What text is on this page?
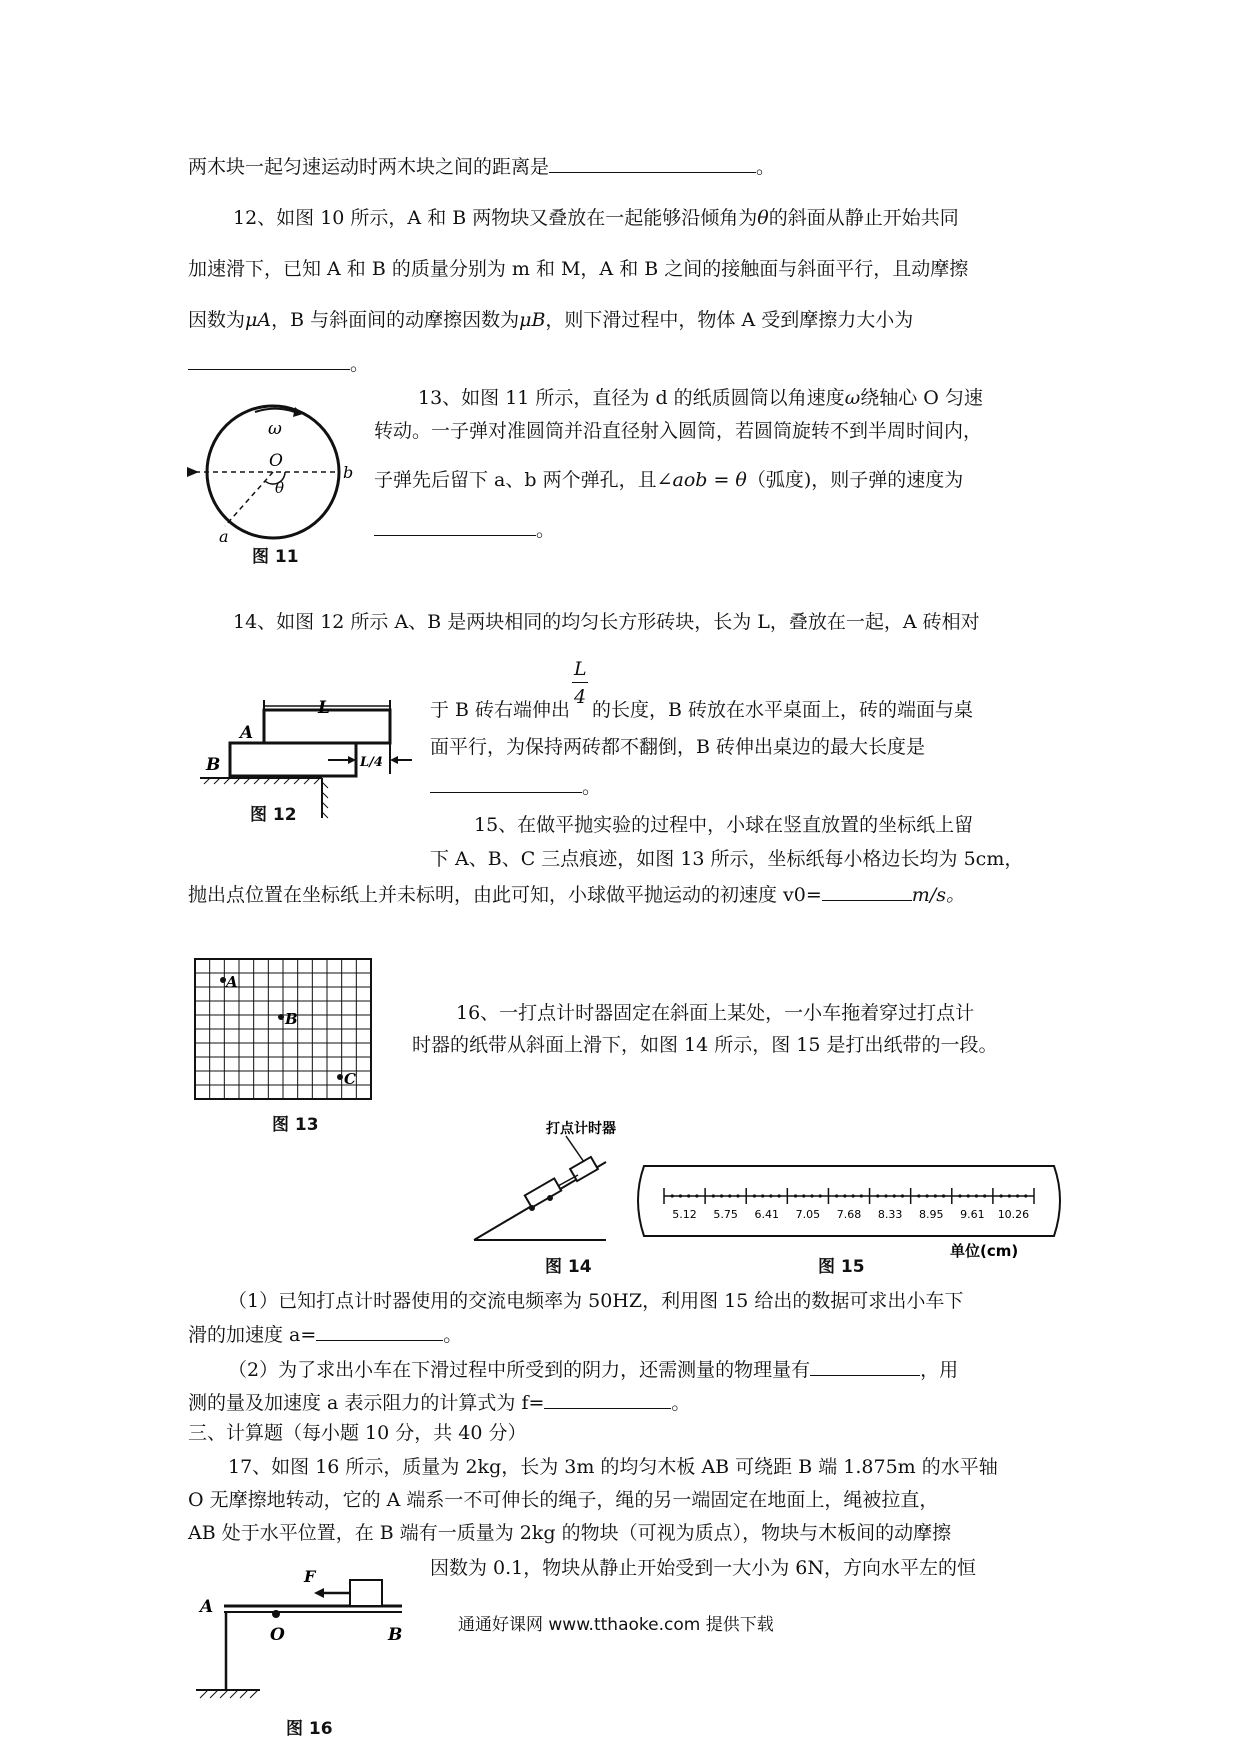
两木块一起匀速运动时两木块之间的距离是	。
12、如图 10 所示，A 和 B 两物块又叠放在一起能够沿倾角为θ的斜面从静止开始共同
加速滑下，已知 A 和 B 的质量分别为 m 和 M，A 和 B 之间的接触面与斜面平行，且动摩擦
因数为μA，B 与斜面间的动摩擦因数为μB，则下滑过程中，物体 A 受到摩擦力大小为
。
13、如图 11 所示，直径为 d 的纸质圆筒以角速度ω绕轴心 O 匀速
转动。一子弹对准圆筒并沿直径射入圆筒，若圆筒旋转不到半周时间内，
子弹先后留下 a、b 两个弹孔，且∠aob = θ（弧度)，则子弹的速度为
。
14、如图 12 所示 A、B 是两块相同的均匀长方形砖块，长为 L，叠放在一起，A 砖相对
于 B 砖右端伸出 $\frac{L}{4}$ 的长度，B 砖放在水平桌面上，砖的端面与桌
面平行，为保持两砖都不翻倒，B 砖伸出桌边的最大长度是
。
15、在做平抛实验的过程中，小球在竖直放置的坐标纸上留
下 A、B、C 三点痕迹，如图 13 所示，坐标纸每小格边长均为 5cm，
抛出点位置在坐标纸上并未标明，由此可知，小球做平抛运动的初速度 v0=	m/s。
16、一打点计时器固定在斜面上某处，一小车拖着穿过打点计
时器的纸带从斜面上滑下，如图 14 所示，图 15 是打出纸带的一段。
（1）已知打点计时器使用的交流电频率为 50HZ，利用图 15 给出的数据可求出小车下
滑的加速度 a=	。
（2）为了求出小车在下滑过程中所受到的阴力，还需测量的物理量有	，用
测的量及加速度 a 表示阻力的计算式为 f=	。
三、计算题（每小题 10 分，共 40 分）
17、如图 16 所示，质量为 2kg，长为 3m 的均匀木板 AB 可绕距 B 端 1.875m 的水平轴
O 无摩擦地转动，它的 A 端系一不可伸长的绳子，绳的另一端固定在地面上，绳被拉直，
AB 处于水平位置，在 B 端有一质量为 2kg 的物块（可视为质点），物块与木板间的动摩擦
因数为 0.1，物块从静止开始受到一大小为 6N，方向水平左的恒
通通好课网 www.tthaoke.com 提供下载
ω
O
θ
a
b
图 11
L
A
B	L/4
图 12
A
B
C
图 13	打点计时器
图 14
5.12 5.75 6.41 7.05 7.68 8.33 8.95 9.61 10.26
单位(cm)
图 15
F
A
O	B
图 16
